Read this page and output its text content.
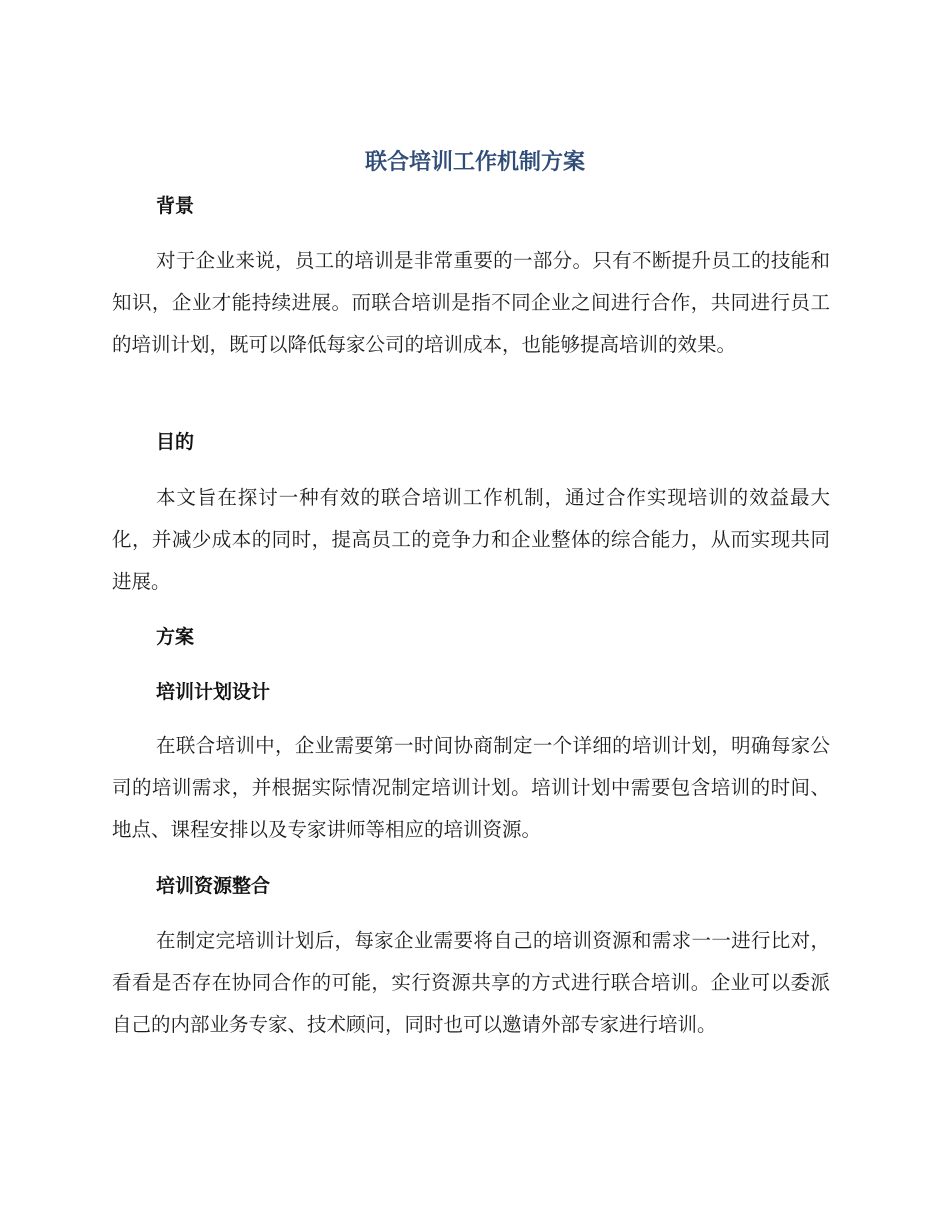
联合培训工作机制方案
背景

对于企业来说，员工的培训是非常重要的一部分。只有不断提升员工的技能和知识，企业才能持续进展。而联合培训是指不同企业之间进行合作，共同进行员工的培训计划，既可以降低每家公司的培训成本，也能够提高培训的效果。

目的

本文旨在探讨一种有效的联合培训工作机制，通过合作实现培训的效益最大化，并减少成本的同时，提高员工的竞争力和企业整体的综合能力，从而实现共同进展。

方案
培训计划设计

在联合培训中，企业需要第一时间协商制定一个详细的培训计划，明确每家公司的培训需求，并根据实际情况制定培训计划。培训计划中需要包含培训的时间、地点、课程安排以及专家讲师等相应的培训资源。

培训资源整合

在制定完培训计划后，每家企业需要将自己的培训资源和需求一一进行比对，看看是否存在协同合作的可能，实行资源共享的方式进行联合培训。企业可以委派自己的内部业务专家、技术顾问，同时也可以邀请外部专家进行培训。
